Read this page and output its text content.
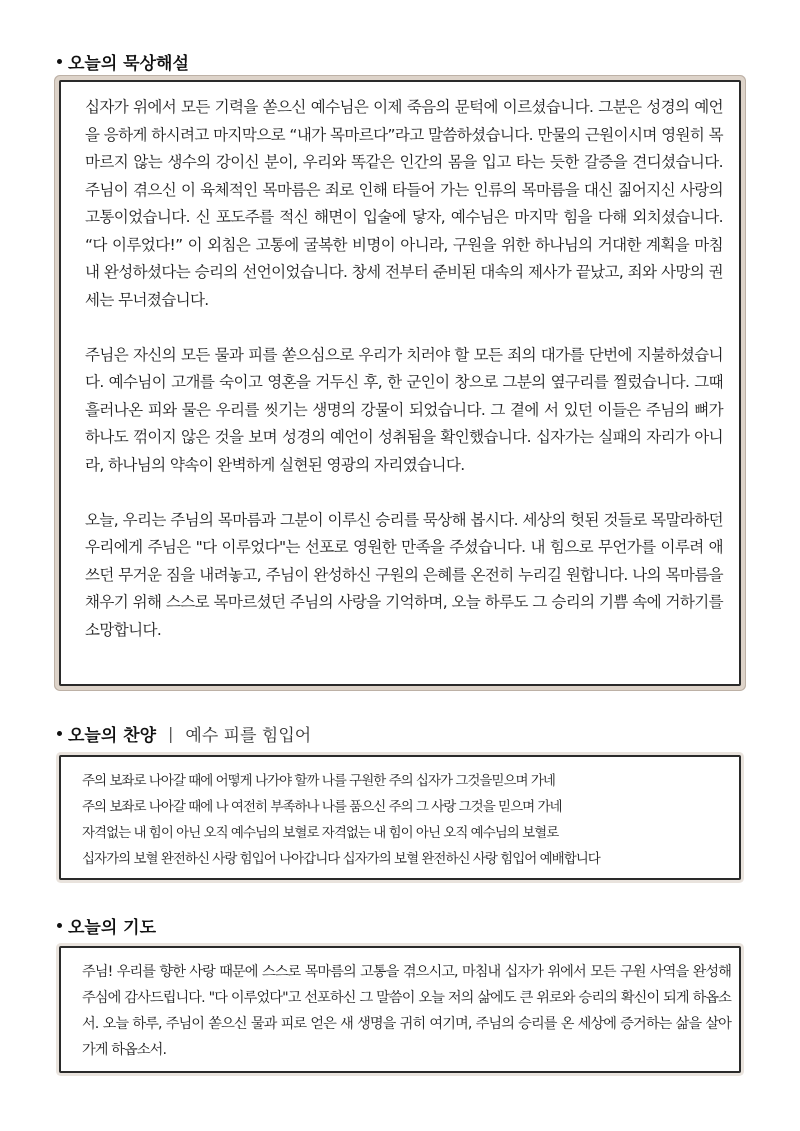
오늘의 묵상해설

십자가 위에서 모든 기력을 쏟으신 예수님은 이제 죽음의 문턱에 이르셨습니다. 그분은 성경의 예언을 응하게 하시려고 마지막으로 “내가 목마르다”라고 말씀하셨습니다. 만물의 근원이시며 영원히 목마르지 않는 생수의 강이신 분이, 우리와 똑같은 인간의 몸을 입고 타는 듯한 갈증을 견디셨습니다. 주님이 겪으신 이 육체적인 목마름은 죄로 인해 타들어 가는 인류의 목마름을 대신 짊어지신 사랑의 고통이었습니다. 신 포도주를 적신 해면이 입술에 닿자, 예수님은 마지막 힘을 다해 외치셨습니다. “다 이루었다!” 이 외침은 고통에 굴복한 비명이 아니라, 구원을 위한 하나님의 거대한 계획을 마침내 완성하셨다는 승리의 선언이었습니다. 창세 전부터 준비된 대속의 제사가 끝났고, 죄와 사망의 권세는 무너졌습니다.

주님은 자신의 모든 물과 피를 쏟으심으로 우리가 치러야 할 모든 죄의 대가를 단번에 지불하셨습니다. 예수님이 고개를 숙이고 영혼을 거두신 후, 한 군인이 창으로 그분의 옆구리를 찔렀습니다. 그때 흘러나온 피와 물은 우리를 씻기는 생명의 강물이 되었습니다. 그 곁에 서 있던 이들은 주님의 뼈가 하나도 꺾이지 않은 것을 보며 성경의 예언이 성취됨을 확인했습니다. 십자가는 실패의 자리가 아니라, 하나님의 약속이 완벽하게 실현된 영광의 자리였습니다.

오늘, 우리는 주님의 목마름과 그분이 이루신 승리를 묵상해 봅시다. 세상의 헛된 것들로 목말라하던 우리에게 주님은 "다 이루었다"는 선포로 영원한 만족을 주셨습니다. 내 힘으로 무언가를 이루려 애쓰던 무거운 짐을 내려놓고, 주님이 완성하신 구원의 은혜를 온전히 누리길 원합니다. 나의 목마름을 채우기 위해 스스로 목마르셨던 주님의 사랑을 기억하며, 오늘 하루도 그 승리의 기쁨 속에 거하기를 소망합니다.

오늘의 찬양 | 예수 피를 힘입어
주의 보좌로 나아갈 때에 어떻게 나가야 할까 나를 구원한 주의 십자가 그것을믿으며 가네
주의 보좌로 나아갈 때에 나 여전히 부족하나 나를 품으신 주의 그 사랑 그것을 믿으며 가네
자격없는 내 힘이 아닌 오직 예수님의 보혈로 자격없는 내 힘이 아닌 오직 예수님의 보혈로
십자가의 보혈 완전하신 사랑 힘입어 나아갑니다 십자가의 보혈 완전하신 사랑 힘입어 예배합니다
오늘의 기도

주님! 우리를 향한 사랑 때문에 스스로 목마름의 고통을 겪으시고, 마침내 십자가 위에서 모든 구원 사역을 완성해 주심에 감사드립니다. "다 이루었다"고 선포하신 그 말씀이 오늘 저의 삶에도 큰 위로와 승리의 확신이 되게 하옵소서. 오늘 하루, 주님이 쏟으신 물과 피로 얻은 새 생명을 귀히 여기며, 주님의 승리를 온 세상에 증거하는 삶을 살아가게 하옵소서.
